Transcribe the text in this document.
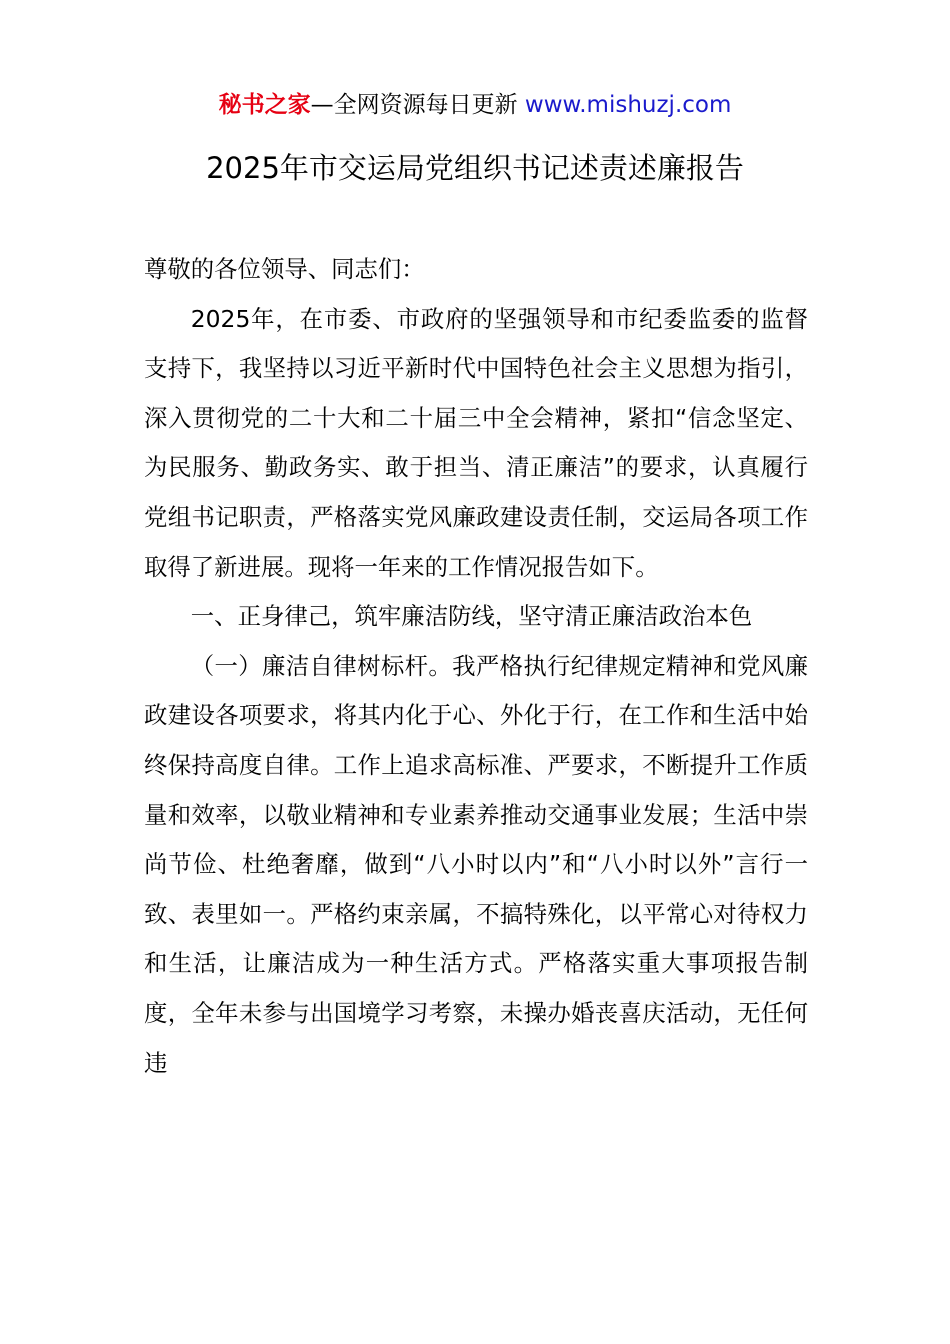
秘书之家—全网资源每日更新 www.mishuzj.com
2025年市交运局党组织书记述责述廉报告

尊敬的各位领导、同志们：

2025年，在市委、市政府的坚强领导和市纪委监委的监督支持下，我坚持以习近平新时代中国特色社会主义思想为指引，深入贯彻党的二十大和二十届三中全会精神，紧扣“信念坚定、为民服务、勤政务实、敢于担当、清正廉洁”的要求，认真履行党组书记职责，严格落实党风廉政建设责任制，交运局各项工作取得了新进展。现将一年来的工作情况报告如下。

一、正身律己，筑牢廉洁防线，坚守清正廉洁政治本色

（一）廉洁自律树标杆。我严格执行纪律规定精神和党风廉政建设各项要求，将其内化于心、外化于行，在工作和生活中始终保持高度自律。工作上追求高标准、严要求，不断提升工作质量和效率，以敬业精神和专业素养推动交通事业发展；生活中崇尚节俭、杜绝奢靡，做到“八小时以内”和“八小时以外”言行一致、表里如一。严格约束亲属，不搞特殊化，以平常心对待权力和生活，让廉洁成为一种生活方式。严格落实重大事项报告制度，全年未参与出国境学习考察，未操办婚丧喜庆活动，无任何违
